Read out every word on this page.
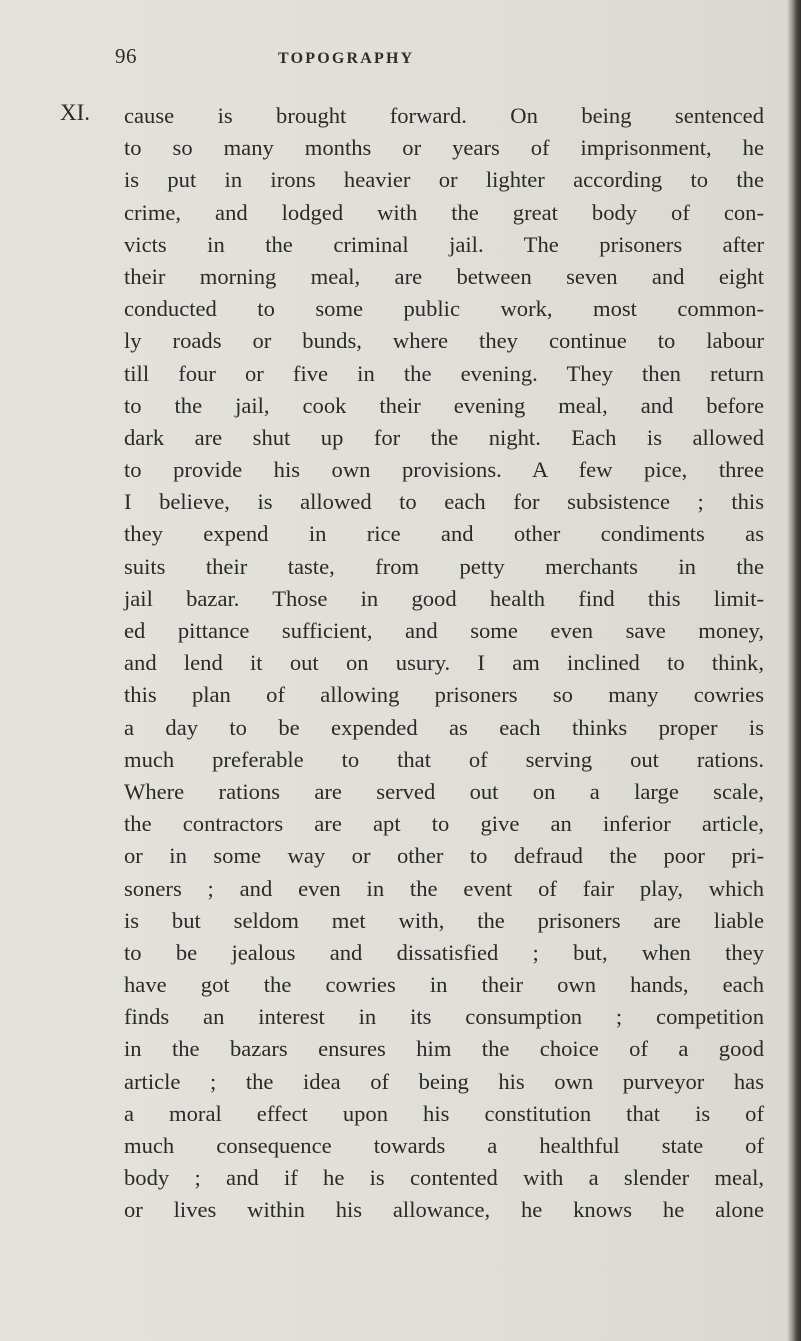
96	TOPOGRAPHY
XI. cause is brought forward. On being sentenced
to so many months or years of imprisonment, he
is put in irons heavier or lighter according to the
crime, and lodged with the great body of con-
victs in the criminal jail. The prisoners after
their morning meal, are between seven and eight
conducted to some public work, most common-
ly roads or bunds, where they continue to labour
till four or five in the evening. They then return
to the jail, cook their evening meal, and before
dark are shut up for the night. Each is allowed
to provide his own provisions. A few pice, three
I believe, is allowed to each for subsistence ; this
they expend in rice and other condiments as
suits their taste, from petty merchants in the
jail bazar. Those in good health find this limit-
ed pittance sufficient, and some even save money,
and lend it out on usury. I am inclined to think,
this plan of allowing prisoners so many cowries
a day to be expended as each thinks proper is
much preferable to that of serving out rations.
Where rations are served out on a large scale,
the contractors are apt to give an inferior article,
or in some way or other to defraud the poor pri-
soners ; and even in the event of fair play, which
is but seldom met with, the prisoners are liable
to be jealous and dissatisfied ; but, when they
have got the cowries in their own hands, each
finds an interest in its consumption ; competition
in the bazars ensures him the choice of a good
article ; the idea of being his own purveyor has
a moral effect upon his constitution that is of
much consequence towards a healthful state of
body ; and if he is contented with a slender meal,
or lives within his allowance, he knows he alone
